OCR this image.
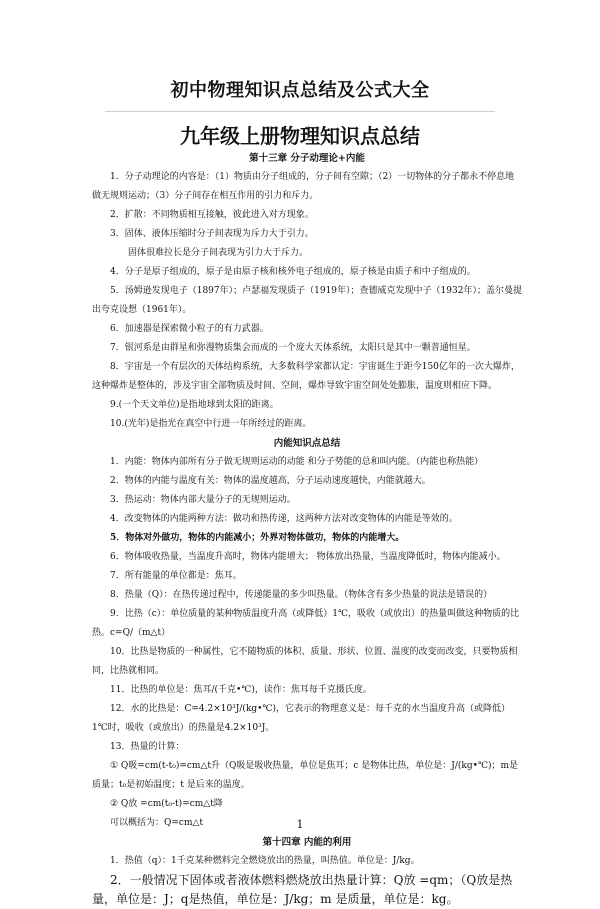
初中物理知识点总结及公式大全
九年级上册物理知识点总结
第十三章 分子动理论+内能

1．分子动理论的内容是：（1）物质由分子组成的，分子间有空隙；（2）一切物体的分子都永不停息地做无规则运动；（3）分子间存在相互作用的引力和斥力。

2．扩散：不同物质相互接触，彼此进入对方现象。

3．固体、液体压缩时分子间表现为斥力大于引力。

固体很难拉长是分子间表现为引力大于斥力。

4．分子是原子组成的，原子是由原子核和核外电子组成的，原子核是由质子和中子组成的。

5．汤姆逊发现电子（1897年）；卢瑟福发现质子（1919年）；查德威克发现中子（1932年）；盖尔曼提出夸克设想（1961年）。

6．加速器是探索微小粒子的有力武器。

7．银河系是由群星和弥漫物质集会而成的一个庞大天体系统，太阳只是其中一颗普通恒星。

8．宇宙是一个有层次的天体结构系统，大多数科学家都认定：宇宙诞生于距今150亿年的一次大爆炸，这种爆炸是整体的，涉及宇宙全部物质及时间、空间，爆炸导致宇宙空间处处膨胀，温度则相应下降。

9.(一个天文单位)是指地球到太阳的距离。

10.(光年)是指光在真空中行进一年所经过的距离。

内能知识点总结

1．内能：物体内部所有分子做无规则运动的动能 和分子势能的总和叫内能。（内能也称热能）

2．物体的内能与温度有关：物体的温度越高，分子运动速度越快，内能就越大。

3．热运动：物体内部大量分子的无规则运动。

4．改变物体的内能两种方法：做功和热传递，这两种方法对改变物体的内能是等效的。

5．物体对外做功，物体的内能减小；外界对物体做功，物体的内能增大。

6．物体吸收热量，当温度升高时，物体内能增大； 物体放出热量，当温度降低时，物体内能减小。

7．所有能量的单位都是：焦耳。

8．热量（Q）：在热传递过程中，传递能量的多少叫热量。（物体含有多少热量的说法是错误的）

9．比热（c）：单位质量的某种物质温度升高（或降低）1℃，吸收（或放出）的热量叫做这种物质的比热。c=Q/（m△t）

10．比热是物质的一种属性，它不随物质的体积、质量、形状、位置、温度的改变而改变，只要物质相同，比热就相同。

11．比热的单位是：焦耳/(千克•℃)，读作：焦耳每千克摄氏度。

12．水的比热是：C=4.2×10³J/(kg•℃)，它表示的物理意义是：每千克的水当温度升高（或降低）1℃时，吸收（或放出）的热量是4.2×10³J。

13．热量的计算：

① Q吸=cm(t-t₀)=cm△t升（Q吸是吸收热量，单位是焦耳；c 是物体比热，单位是：J/(kg•℃)；m是质量；t₀是初始温度；t 是后来的温度。

② Q放 =cm(t₀-t)=cm△t降

可以概括为：Q=cm△t

第十四章 内能的利用

1．热值（q）：1千克某种燃料完全燃烧放出的热量，叫热值。单位是：J/kg。

2．一般情况下固体或者液体燃料燃烧放出热量计算：Q放 =qm；（Q放是热量，单位是：J；q是热值，单位是：J/kg；m 是质量，单位是：kg。

1
